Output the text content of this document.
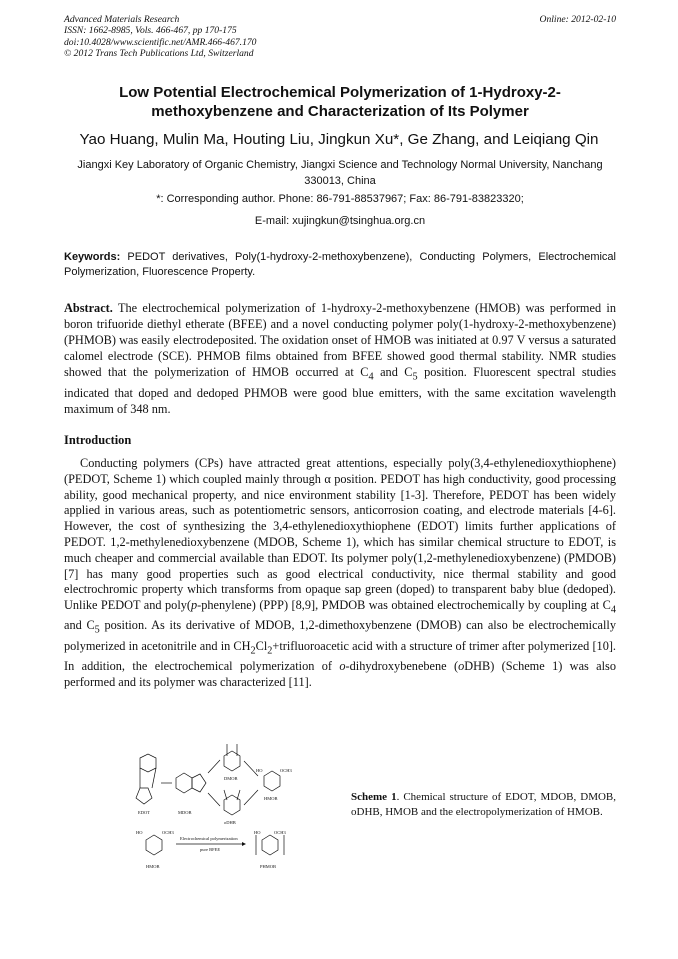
Advanced Materials Research
ISSN: 1662-8985, Vols. 466-467, pp 170-175
doi:10.4028/www.scientific.net/AMR.466-467.170
© 2012 Trans Tech Publications Ltd, Switzerland
Online: 2012-02-10
Low Potential Electrochemical Polymerization of 1-Hydroxy-2-methoxybenzene and Characterization of Its Polymer
Yao Huang, Mulin Ma, Houting Liu, Jingkun Xu*, Ge Zhang, and Leiqiang Qin
Jiangxi Key Laboratory of Organic Chemistry, Jiangxi Science and Technology Normal University, Nanchang 330013, China
*: Corresponding author. Phone: 86-791-88537967; Fax: 86-791-83823320;
E-mail: xujingkun@tsinghua.org.cn
Keywords: PEDOT derivatives, Poly(1-hydroxy-2-methoxybenzene), Conducting Polymers, Electrochemical Polymerization, Fluorescence Property.
Abstract. The electrochemical polymerization of 1-hydroxy-2-methoxybenzene (HMOB) was performed in boron trifuoride diethyl etherate (BFEE) and a novel conducting polymer poly(1-hydroxy-2-methoxybenzene) (PHMOB) was easily electrodeposited. The oxidation onset of HMOB was initiated at 0.97 V versus a saturated calomel electrode (SCE). PHMOB films obtained from BFEE showed good thermal stability. NMR studies showed that the polymerization of HMOB occurred at $C_4$ and $C_5$ position. Fluorescent spectral studies indicated that doped and dedoped PHMOB were good blue emitters, with the same excitation wavelength maximum of 348 nm.
Introduction
Conducting polymers (CPs) have attracted great attentions, especially poly(3,4-ethylenedioxythiophene) (PEDOT, Scheme 1) which coupled mainly through α position. PEDOT has high conductivity, good processing ability, good mechanical property, and nice environment stability [1-3]. Therefore, PEDOT has been widely applied in various areas, such as potentiometric sensors, anticorrosion coating, and electrode materials [4-6]. However, the cost of synthesizing the 3,4-ethylenedioxythiophene (EDOT) limits further applications of PEDOT. 1,2-methylenedioxybenzene (MDOB, Scheme 1), which has similar chemical structure to EDOT, is much cheaper and commercial available than EDOT. Its polymer poly(1,2-methylenedioxybenzene) (PMDOB) [7] has many good properties such as good electrical conductivity, nice thermal stability and good electrochromic property which transforms from opaque sap green (doped) to transparent baby blue (dedoped). Unlike PEDOT and poly(p-phenylene) (PPP) [8,9], PMDOB was obtained electrochemically by coupling at $C_4$ and $C_5$ position. As its derivative of MDOB, 1,2-dimethoxybenzene (DMOB) can also be electrochemically polymerized in acetonitrile and in $CH_2Cl_2+trifluoroacetic$ acid with a structure of trimer after polymerized [10]. In addition, the electrochemical polymerization of o-dihydroxybenebene (oDHB) (Scheme 1) was also performed and its polymer was characterized [11].
EDOT	MDOB
DMOB
oDHB
HO	OCH3
HMOB
HO	OCH3
HMOB
Electrochemical polymerization
pure BFEE
HO	OCH3
PHMOB
Scheme 1. Chemical structure of EDOT, MDOB, DMOB, oDHB, HMOB and the electropolymerization of HMOB.
